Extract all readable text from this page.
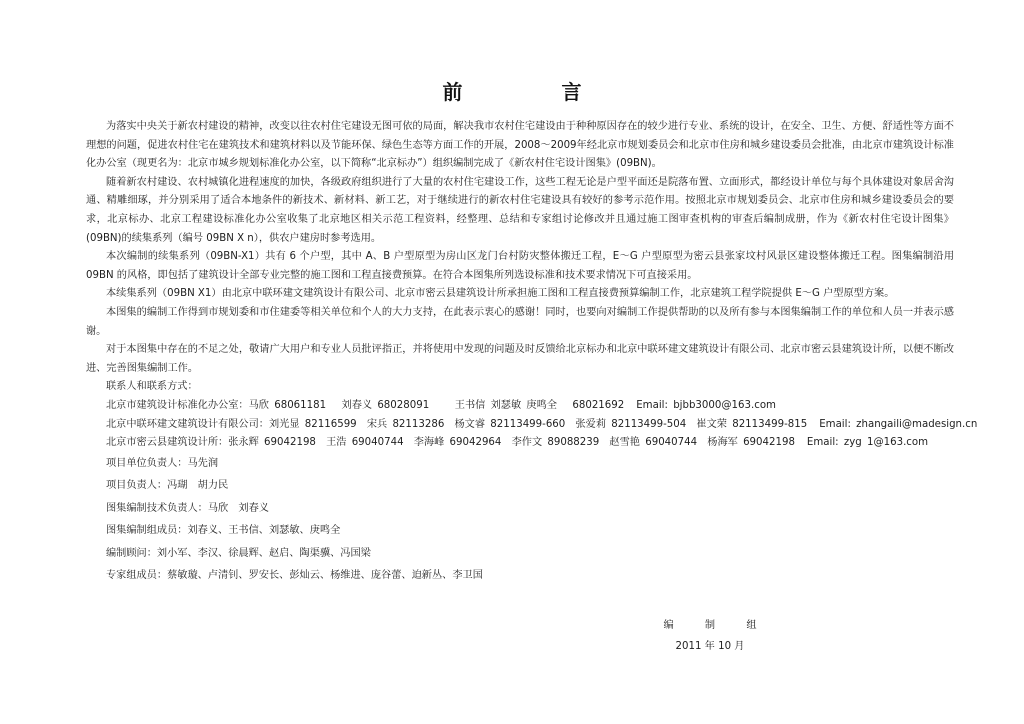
前 言

为落实中央关于新农村建设的精神，改变以往农村住宅建设无图可依的局面，解决我市农村住宅建设由于种种原因存在的较少进行专业、系统的设计，在安全、卫生、方便、舒适性等方面不理想的问题，促进农村住宅在建筑技术和建筑材料以及节能环保、绿色生态等方面工作的开展，2008～2009年经北京市规划委员会和北京市住房和城乡建设委员会批准，由北京市建筑设计标准化办公室（现更名为：北京市城乡规划标准化办公室，以下简称“北京标办”）组织编制完成了《新农村住宅设计图集》(09BN)。

随着新农村建设、农村城镇化进程速度的加快，各级政府组织进行了大量的农村住宅建设工作，这些工程无论是户型平面还是院落布置、立面形式，都经设计单位与每个具体建设对象居舍沟通、精雕细琢，并分别采用了适合本地条件的新技术、新材料、新工艺，对于继续进行的新农村住宅建设具有较好的参考示范作用。按照北京市规划委员会、北京市住房和城乡建设委员会的要求，北京标办、北京工程建设标准化办公室收集了北京地区相关示范工程资料，经整理、总结和专家组讨论修改并且通过施工图审查机构的审查后编制成册，作为《新农村住宅设计图集》(09BN)的续集系列（编号 09BN X n），供农户建房时参考选用。

本次编制的续集系列（09BN-X1）共有 6 个户型，其中 A、B 户型原型为房山区龙门台村防灾整体搬迁工程，E～G 户型原型为密云县张家坟村风景区建设整体搬迁工程。图集编制沿用 09BN 的风格，即包括了建筑设计全部专业完整的施工图和工程直接费预算。在符合本图集所列选设标准和技术要求情况下可直接采用。

本续集系列（09BN X1）由北京中联环建文建筑设计有限公司、北京市密云县建筑设计所承担施工图和工程直接费预算编制工作，北京建筑工程学院提供 E～G 户型原型方案。

本图集的编制工作得到市规划委和市住建委等相关单位和个人的大力支持，在此表示衷心的感谢！同时，也要向对编制工作提供帮助的以及所有参与本图集编制工作的单位和人员一并表示感谢。

对于本图集中存在的不足之处，敬请广大用户和专业人员批评指正，并将使用中发现的问题及时反馈给北京标办和北京中联环建文建筑设计有限公司、北京市密云县建筑设计所，以便不断改进、完善图集编制工作。

联系人和联系方式：

北京市建筑设计标准化办公室：马欣 68061181　 刘春义 68028091　　 王书信 刘瑟敏 庚鸣全　 68021692 Email: bjbb3000@163.com

北京中联环建文建筑设计有限公司：刘光显 82116599　宋兵 82113286　杨文睿 82113499-660　张爱莉 82113499-504　崔文荣 82113499-815 Email: zhangaili@madesign.cn

北京市密云县建筑设计所：张永辉 69042198　王浩 69040744　李海峰 69042964　李作文 89088239　赵雪艳 69040744　杨海军 69042198 Email: zyg 1@163.com

项目单位负责人：马先润

项目负责人：冯瑚　胡力民

图集编制技术负责人：马欣　刘春义

图集编制组成员：刘春义、王书信、刘瑟敏、庚鸣全

编制顾问：刘小军、李汉、徐晨辉、赵启、陶渠骥、冯国梁

专家组成员：蔡敏璇、卢清钊、罗安长、彭灿云、杨维进、庞谷蕾、迫新丛、李卫国

编 制 组
2011 年 10 月
